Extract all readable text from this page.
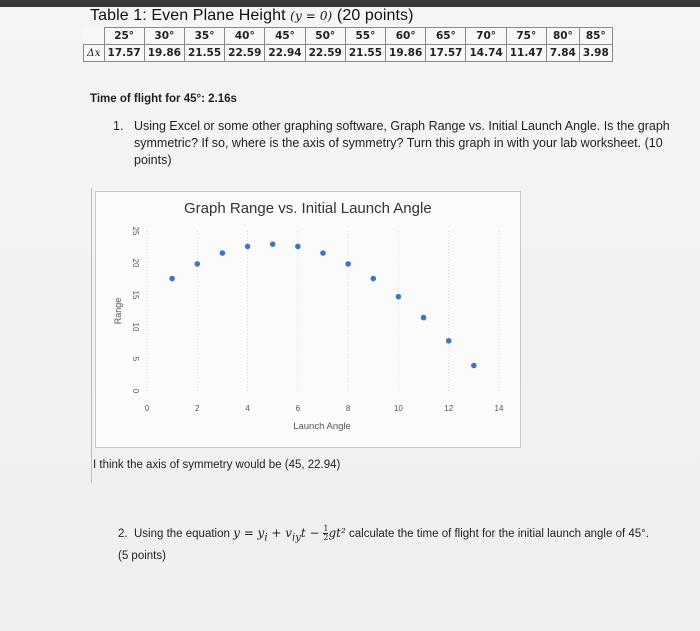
Table 1: Even Plane Height (y = 0) (20 points)
	25°	30°	35°	40°	45°	50°	55°	60°	65°	70°	75°	80°	85°
Δx	17.57	19.86	21.55	22.59	22.94	22.59	21.55	19.86	17.57	14.74	11.47	7.84	3.98
Time of flight for 45°: 2.16s
1. Using Excel or some other graphing software, Graph Range vs. Initial Launch Angle. Is the graph symmetric? If so, where is the axis of symmetry? Turn this graph in with your lab worksheet. (10 points)
Graph Range vs. Initial Launch Angle
0
5
10
15
20
25
0	2	4	6	8	10	12	14
Range
Launch Angle
I think the axis of symmetry would be (45, 22.94)
2. Using the equation $y = y_i + v_{iy}t - \frac{1}{2} gt^2$ calculate the time of flight for the initial launch angle of 45°. (5 points)
